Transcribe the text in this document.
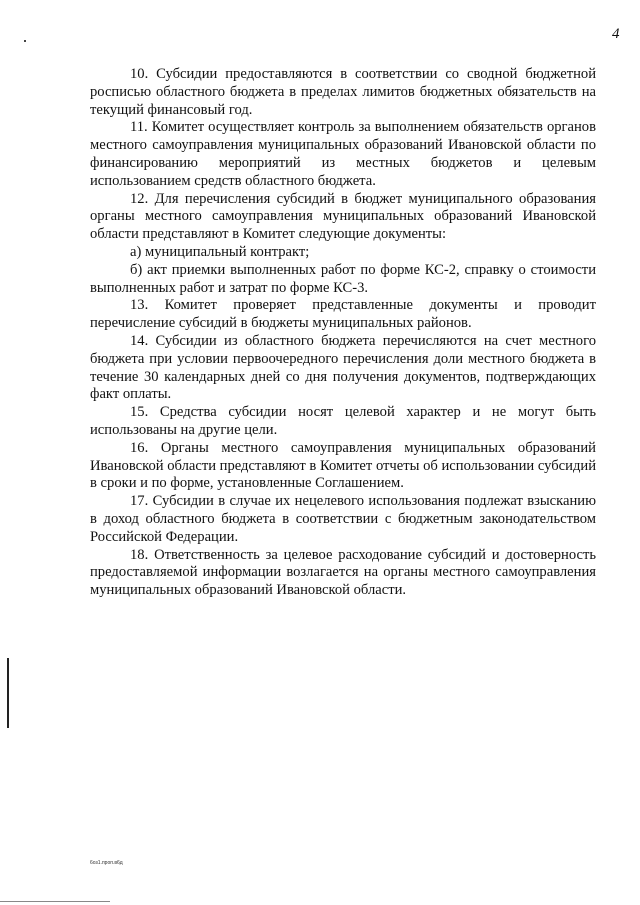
4

10. Субсидии предоставляются в соответствии со сводной бюджетной росписью областного бюджета в пределах лимитов бюджетных обязательств на текущий финансовый год.

11. Комитет осуществляет контроль за выполнением обязательств органов местного самоуправления муниципальных образований Ивановской области по финансированию мероприятий из местных бюджетов и целевым использованием средств областного бюджета.

12. Для перечисления субсидий в бюджет муниципального образования органы местного самоуправления муниципальных образований Ивановской области представляют в Комитет следующие документы:

а) муниципальный контракт;

б) акт приемки выполненных работ по форме КС-2, справку о стоимости выполненных работ и затрат по форме КС-3.

13. Комитет проверяет представленные документы и проводит перечисление субсидий в бюджеты муниципальных районов.

14. Субсидии из областного бюджета перечисляются на счет местного бюджета при условии первоочередного перечисления доли местного бюджета в течение 30 календарных дней со дня получения документов, подтверждающих факт оплаты.

15. Средства субсидии носят целевой характер и не могут быть использованы на другие цели.

16. Органы местного самоуправления муниципальных образований Ивановской области представляют в Комитет отчеты об использовании субсидий в сроки и по форме, установленные Соглашением.

17. Субсидии в случае их нецелевого использования подлежат взысканию в доход областного бюджета в соответствии с бюджетным законодательством Российской Федерации.

18. Ответственность за целевое расходование субсидий и достоверность предоставляемой информации возлагается на органы местного самоуправления муниципальных образований Ивановской области.

6оз1.проп.в6д
